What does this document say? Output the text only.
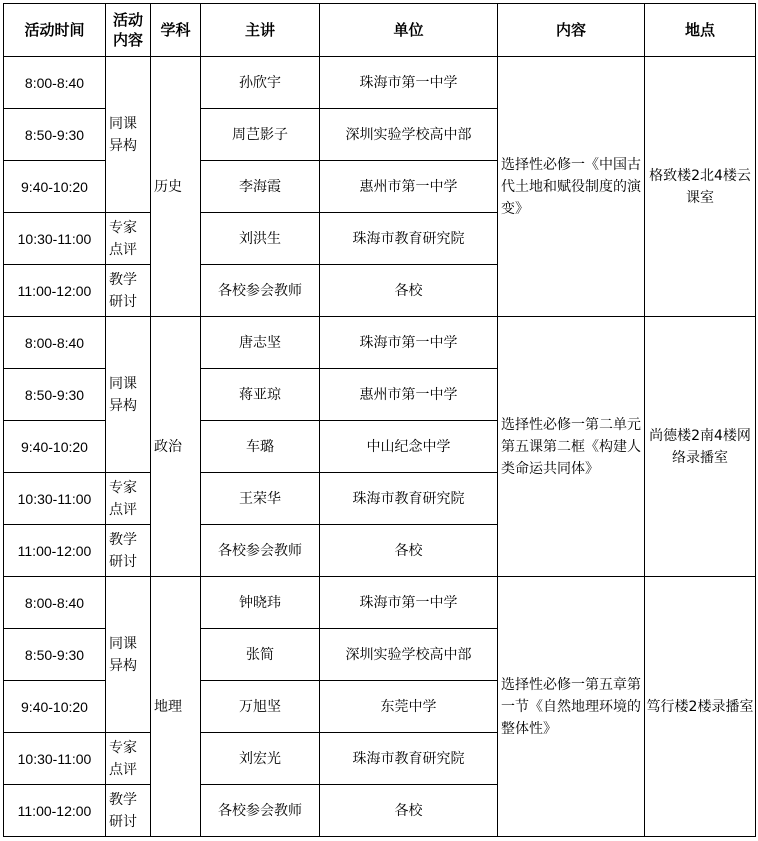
活动时间	活动内容	学科	主讲	单位	内容	地点
8:00-8:40	同课异构	历史	孙欣宇	珠海市第一中学	选择性必修一《中国古代土地和赋役制度的演变》	格致楼2北4楼云课室
8:50-9:30			周芑影子	深圳实验学校高中部		
9:40-10:20			李海霞	惠州市第一中学		
10:30-11:00	专家点评		刘洪生	珠海市教育研究院		
11:00-12:00	教学研讨		各校参会教师	各校		
8:00-8:40	同课异构	政治	唐志坚	珠海市第一中学	选择性必修一第二单元第五课第二框《构建人类命运共同体》	尚德楼2南4楼网络录播室
8:50-9:30			蒋亚琼	惠州市第一中学		
9:40-10:20			车璐	中山纪念中学		
10:30-11:00	专家点评		王荣华	珠海市教育研究院		
11:00-12:00	教学研讨		各校参会教师	各校		
8:00-8:40	同课异构	地理	钟晓玮	珠海市第一中学	选择性必修一第五章第一节《自然地理环境的整体性》	笃行楼2楼录播室
8:50-9:30			张简	深圳实验学校高中部		
9:40-10:20			万旭坚	东莞中学		
10:30-11:00	专家点评		刘宏光	珠海市教育研究院		
11:00-12:00	教学研讨		各校参会教师	各校		
